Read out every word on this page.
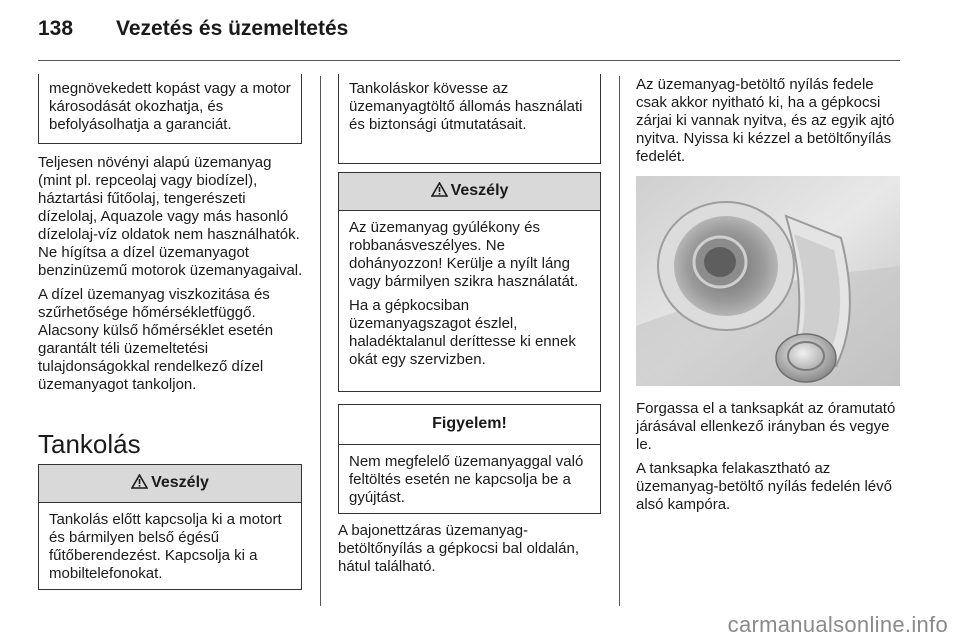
138 Vezetés és üzemeltetés
megnövekedett kopást vagy a motor károsodását okozhatja, és befolyásolhatja a garanciát.

Teljesen növényi alapú üzemanyag (mint pl. repceolaj vagy biodízel), háztartási fűtőolaj, tengerészeti dízelolaj, Aquazole vagy más hasonló dízelolaj-víz oldatok nem használhatók. Ne hígítsa a dízel üzemanyagot benzinüzemű motorok üzemanyagaival.

A dízel üzemanyag viszkozitása és szűrhetősége hőmérsékletfüggő. Alacsony külső hőmérséklet esetén garantált téli üzemeltetési tulajdonságokkal rendelkező dízel üzemanyagot tankoljon.

Tankolás
Veszély
Tankolás előtt kapcsolja ki a motort és bármilyen belső égésű fűtőberendezést. Kapcsolja ki a mobiltelefonokat.
Tankoláskor kövesse az üzemanyagtöltő állomás használati és biztonsági útmutatásait.
Veszély
Az üzemanyag gyúlékony és robbanásveszélyes. Ne dohányozzon! Kerülje a nyílt láng vagy bármilyen szikra használatát.
Ha a gépkocsiban üzemanyagszagot észlel, haladéktalanul deríttesse ki ennek okát egy szervizben.
Figyelem!
Nem megfelelő üzemanyaggal való feltöltés esetén ne kapcsolja be a gyújtást.
A bajonettzáras üzemanyag-betöltőnyílás a gépkocsi bal oldalán, hátul található.
Az üzemanyag-betöltő nyílás fedele csak akkor nyitható ki, ha a gépkocsi zárjai ki vannak nyitva, és az egyik ajtó nyitva. Nyissa ki kézzel a betöltőnyílás fedelét.

Forgassa el a tanksapkát az óramutató járásával ellenkező irányban és vegye le.

A tanksapka felakasztható az üzemanyag-betöltő nyílás fedelén lévő alsó kampóra.

carmanualsonline.info
